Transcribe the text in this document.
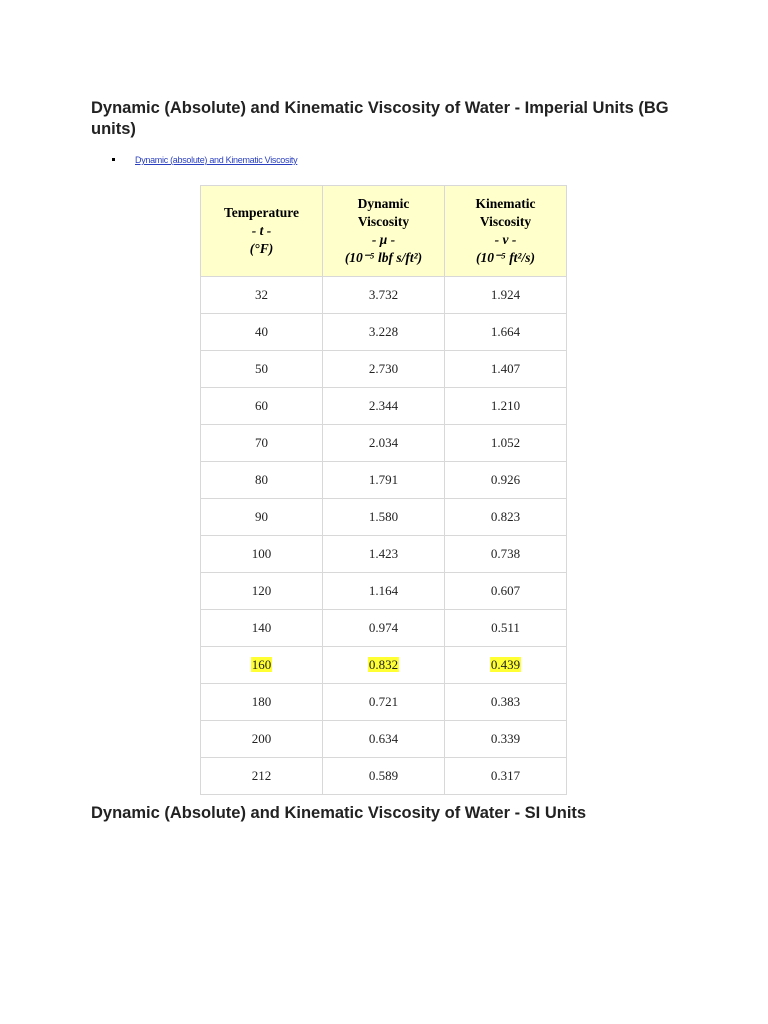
Dynamic (Absolute) and Kinematic Viscosity of Water - Imperial Units (BG units)
Dynamic (absolute) and Kinematic Viscosity
Temperature
- t -
(°F)	Dynamic
Viscosity
- μ -
(10⁻⁵ lbf s/ft²)	Kinematic
Viscosity
- ν -
(10⁻⁵ ft²/s)
32	3.732	1.924
40	3.228	1.664
50	2.730	1.407
60	2.344	1.210
70	2.034	1.052
80	1.791	0.926
90	1.580	0.823
100	1.423	0.738
120	1.164	0.607
140	0.974	0.511
160	0.832	0.439
180	0.721	0.383
200	0.634	0.339
212	0.589	0.317
Dynamic (Absolute) and Kinematic Viscosity of Water - SI Units
